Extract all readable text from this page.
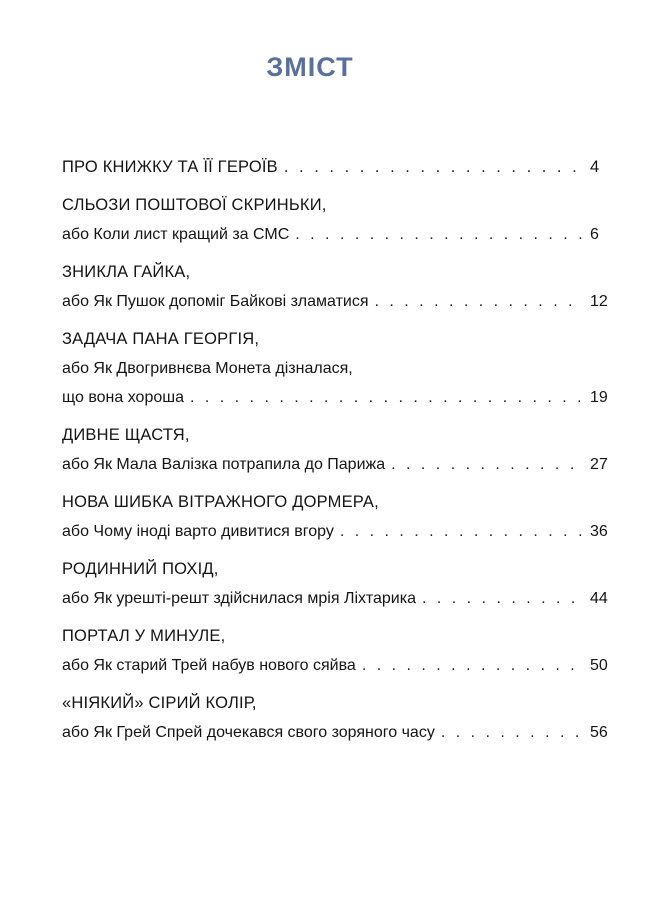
ЗМІСТ
ПРО КНИЖКУ ТА ЇЇ ГЕРОЇВ . . .	4
СЛЬОЗИ ПОШТОВОЇ СКРИНЬКИ,
або Коли лист кращий за СМС . . .	6
ЗНИКЛА ГАЙКА,
або Як Пушок допоміг Байкові зламатися . . .	12
ЗАДАЧА ПАНА ГЕОРГІЯ,
або Як Двогривнєва Монета дізналася,
що вона хороша . . .	19
ДИВНЕ ЩАСТЯ,
або Як Мала Валізка потрапила до Парижа . . .	27
НОВА ШИБКА ВІТРАЖНОГО ДОРМЕРА,
або Чому іноді варто дивитися вгору . . .	36
РОДИННИЙ ПОХІД,
або Як урешті-решт здійснилася мрія Ліхтарика . . .	44
ПОРТАЛ У МИНУЛЕ,
або Як старий Трей набув нового сяйва . . .	50
«НІЯКИЙ» СІРИЙ КОЛІР,
або Як Грей Спрей дочекався свого зоряного часу . . .	56
